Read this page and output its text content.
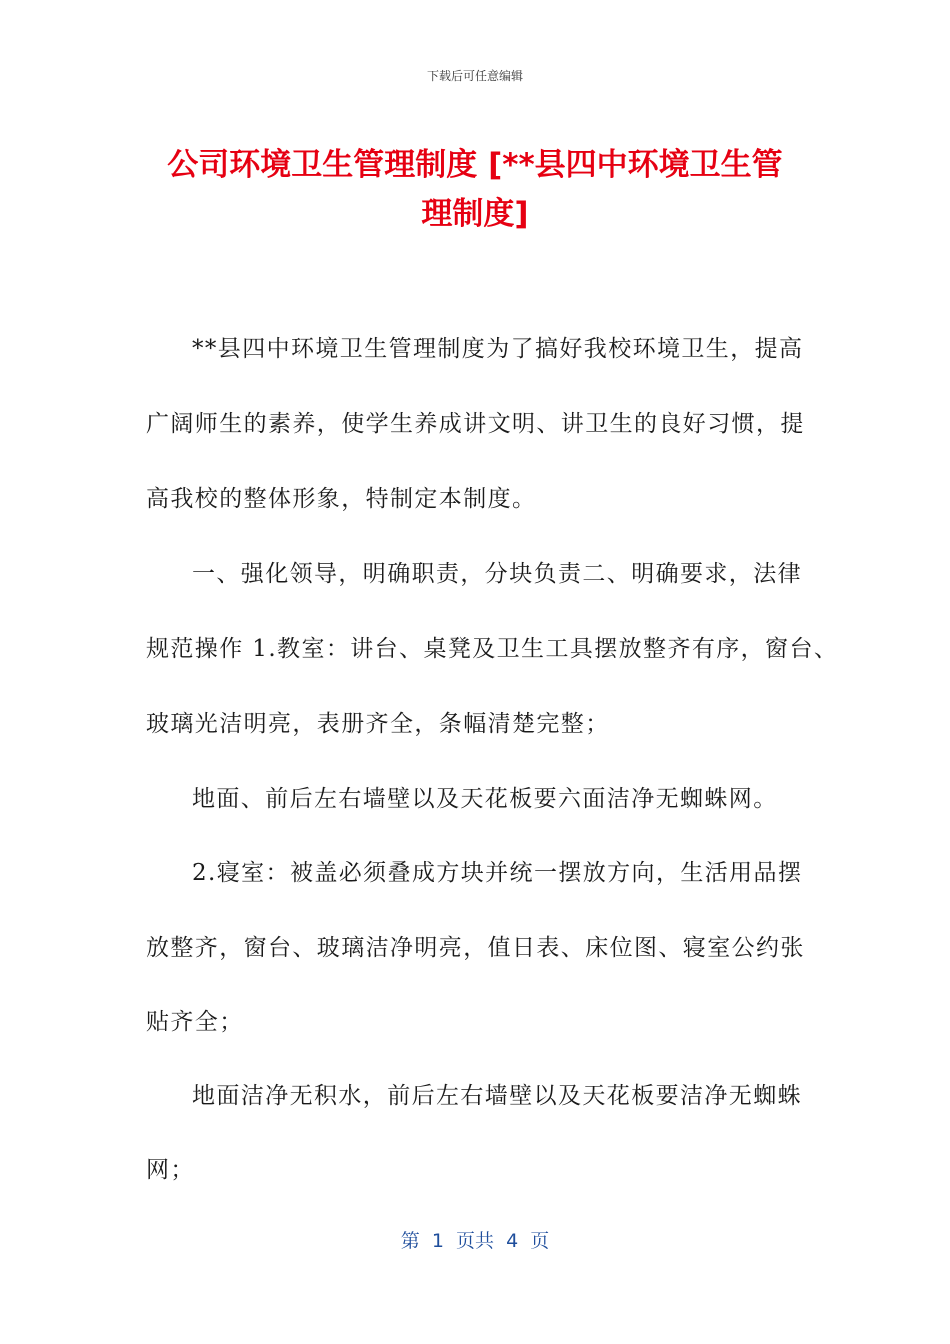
下载后可任意编辑
公司环境卫生管理制度 [**县四中环境卫生管
理制度]
**县四中环境卫生管理制度为了搞好我校环境卫生，提高
广阔师生的素养，使学生养成讲文明、讲卫生的良好习惯，提
高我校的整体形象，特制定本制度。
一、强化领导，明确职责，分块负责二、明确要求，法律
规范操作 1.教室：讲台、桌凳及卫生工具摆放整齐有序，窗台、
玻璃光洁明亮，表册齐全，条幅清楚完整；
地面、前后左右墙壁以及天花板要六面洁净无蜘蛛网。
2.寝室：被盖必须叠成方块并统一摆放方向，生活用品摆
放整齐，窗台、玻璃洁净明亮，值日表、床位图、寝室公约张
贴齐全；
地面洁净无积水，前后左右墙壁以及天花板要洁净无蜘蛛
网；
第  1  页共  4  页
